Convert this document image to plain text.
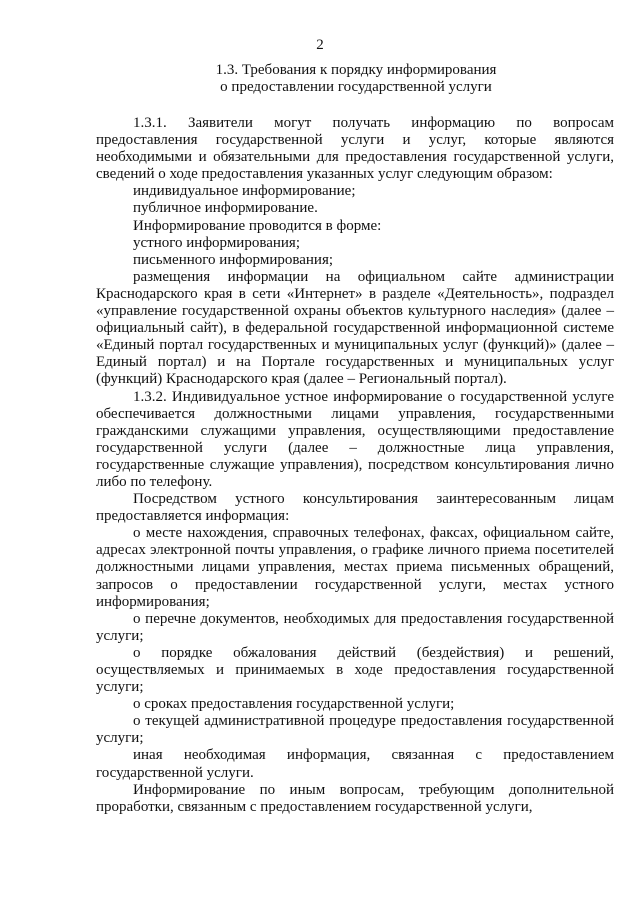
2
1.3. Требования к порядку информирования
о предоставлении государственной услуги

1.3.1. Заявители могут получать информацию по вопросам предоставления государственной услуги и услуг, которые являются необходимыми и обязательными для предоставления государственной услуги, сведений о ходе предоставления указанных услуг следующим образом:

индивидуальное информирование;

публичное информирование.

Информирование проводится в форме:

устного информирования;

письменного информирования;

размещения информации на официальном сайте администрации Краснодарского края в сети «Интернет» в разделе «Деятельность», подраздел «управление государственной охраны объектов культурного наследия» (далее – официальный сайт), в федеральной государственной информационной системе «Единый портал государственных и муниципальных услуг (функций)» (далее – Единый портал) и на Портале государственных и муниципальных услуг (функций) Краснодарского края (далее – Региональный портал).

1.3.2. Индивидуальное устное информирование о государственной услуге обеспечивается должностными лицами управления, государственными гражданскими служащими управления, осуществляющими предоставление государственной услуги (далее – должностные лица управления, государственные служащие управления), посредством консультирования лично либо по телефону.

Посредством устного консультирования заинтересованным лицам предоставляется информация:

о месте нахождения, справочных телефонах, факсах, официальном сайте, адресах электронной почты управления, о графике личного приема посетителей должностными лицами управления, местах приема письменных обращений, запросов о предоставлении государственной услуги, местах устного информирования;

о перечне документов, необходимых для предоставления государственной услуги;

о порядке обжалования действий (бездействия) и решений, осуществляемых и принимаемых в ходе предоставления государственной услуги;

о сроках предоставления государственной услуги;

о текущей административной процедуре предоставления государственной услуги;

иная необходимая информация, связанная с предоставлением государственной услуги.

Информирование по иным вопросам, требующим дополнительной проработки, связанным с предоставлением государственной услуги,
